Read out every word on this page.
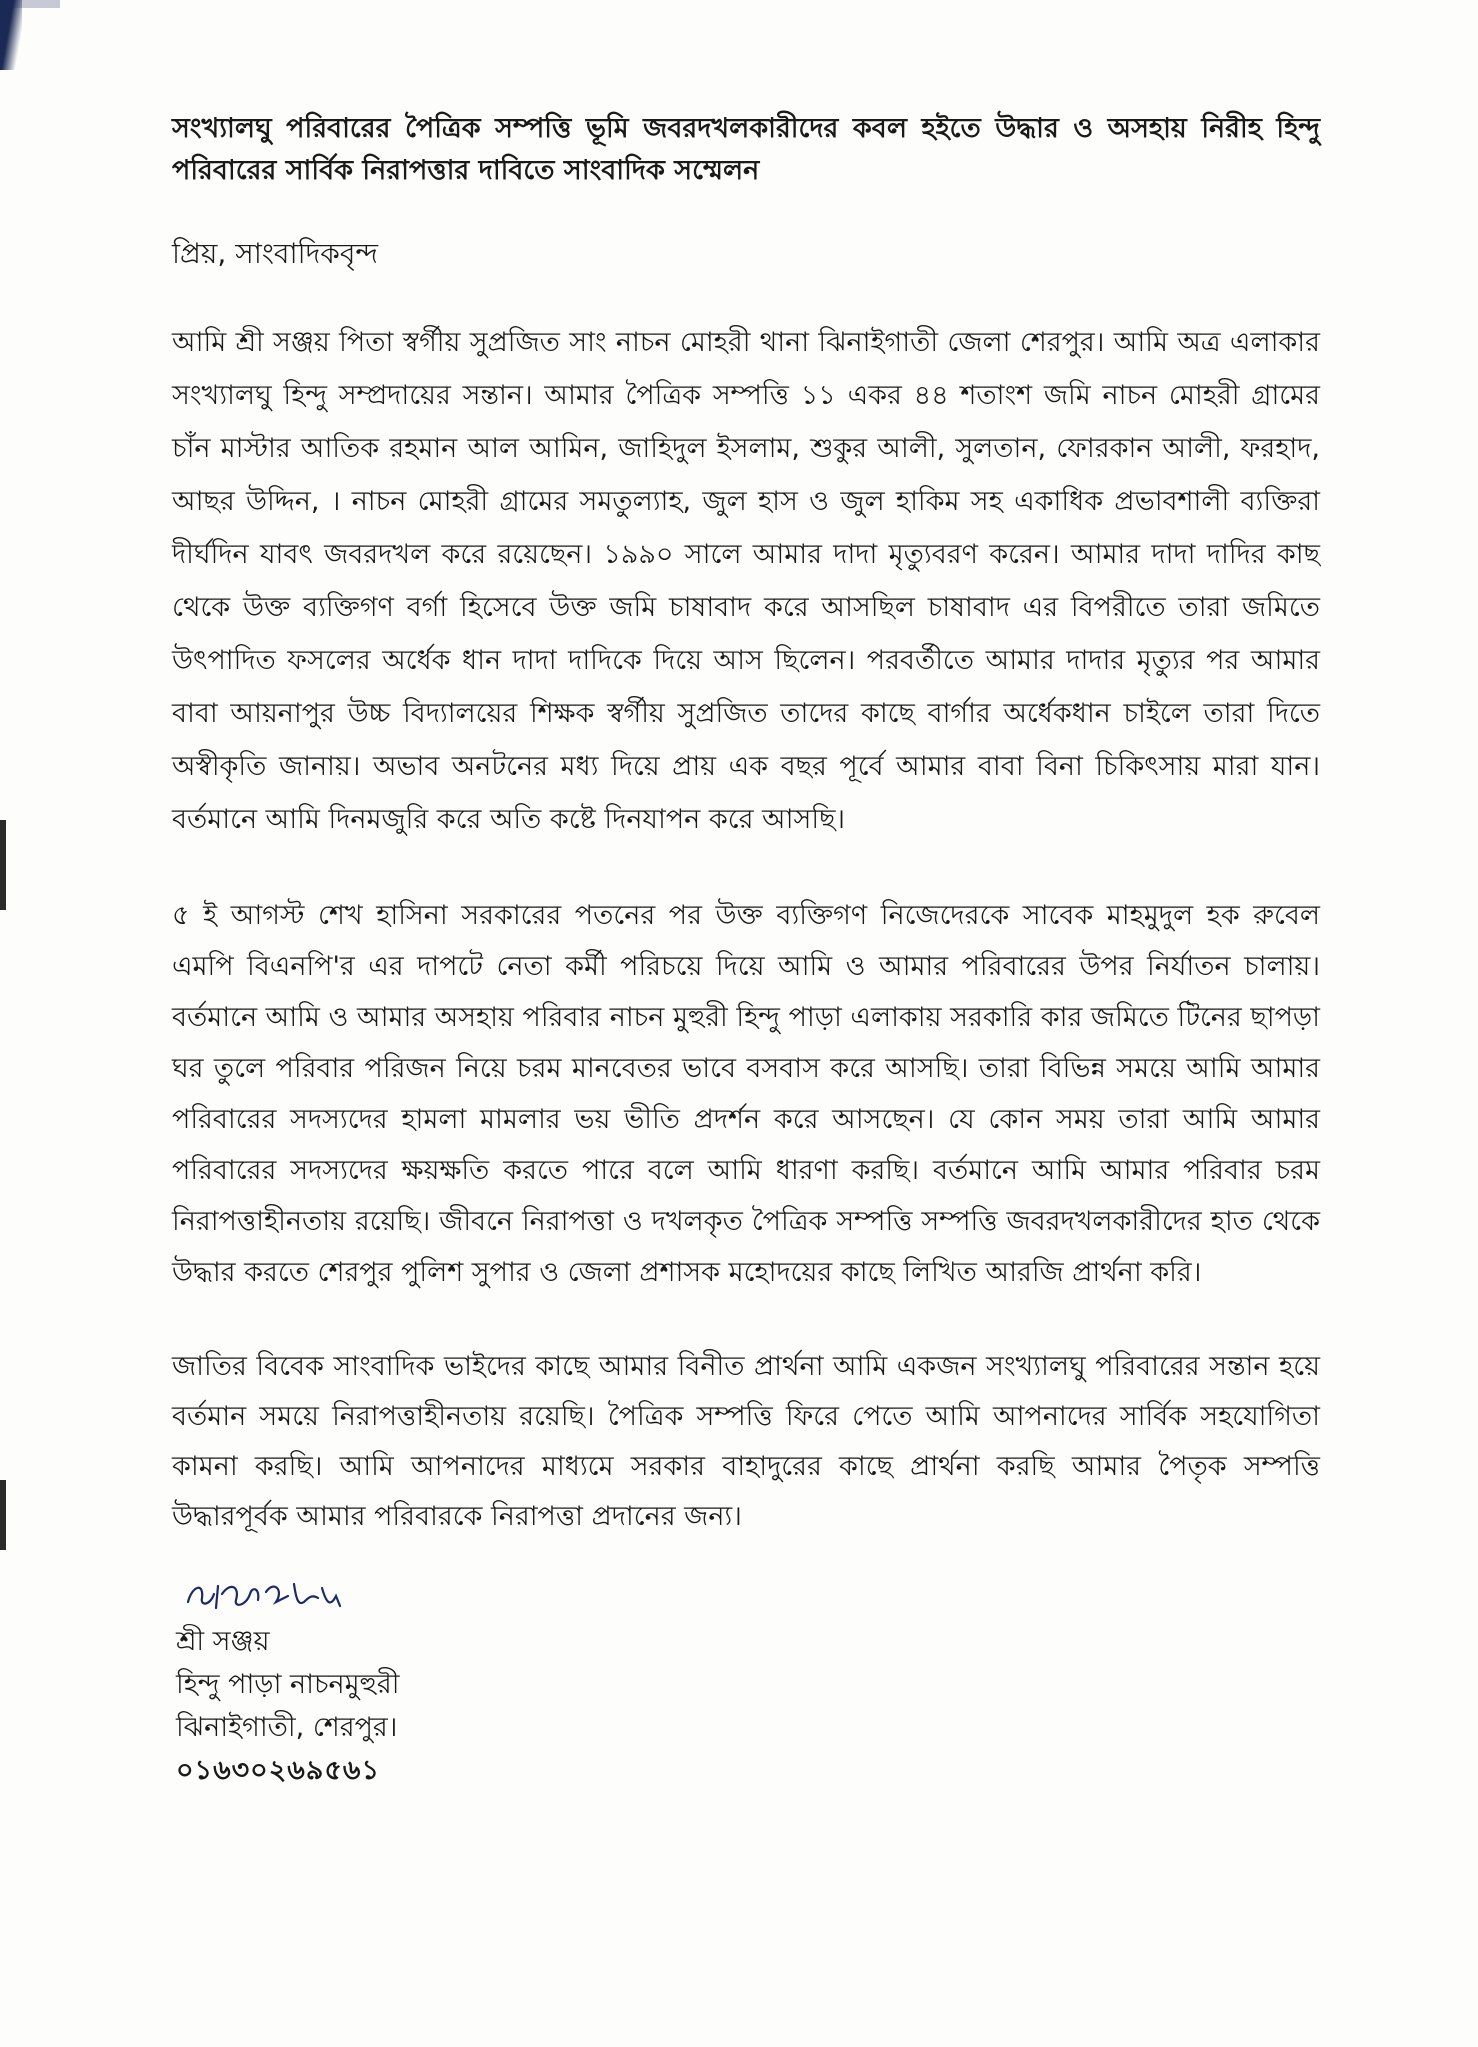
সংখ্যালঘু পরিবারের পৈত্রিক সম্পত্তি ভূমি জবরদখলকারীদের কবল হইতে উদ্ধার ও অসহায় নিরীহ হিন্দু পরিবারের সার্বিক নিরাপত্তার দাবিতে সাংবাদিক সম্মেলন

প্রিয়, সাংবাদিকবৃন্দ

আমি শ্রী সঞ্জয় পিতা স্বর্গীয় সুপ্রজিত সাং নাচন মোহরী থানা ঝিনাইগাতী জেলা শেরপুর। আমি অত্র এলাকার সংখ্যালঘু হিন্দু সম্প্রদায়ের সন্তান। আমার পৈত্রিক সম্পত্তি ১১ একর ৪৪ শতাংশ জমি নাচন মোহরী গ্রামের চাঁন মাস্টার আতিক রহমান আল আমিন, জাহিদুল ইসলাম, শুকুর আলী, সুলতান, ফোরকান আলী, ফরহাদ, আছর উদ্দিন, । নাচন মোহরী গ্রামের সমতুল্যাহ, জুল হাস ও জুল হাকিম সহ একাধিক প্রভাবশালী ব্যক্তিরা দীর্ঘদিন যাবৎ জবরদখল করে রয়েছেন। ১৯৯০ সালে আমার দাদা মৃত্যুবরণ করেন। আমার দাদা দাদির কাছ থেকে উক্ত ব্যক্তিগণ বর্গা হিসেবে উক্ত জমি চাষাবাদ করে আসছিল চাষাবাদ এর বিপরীতে তারা জমিতে উৎপাদিত ফসলের অর্ধেক ধান দাদা দাদিকে দিয়ে আস ছিলেন। পরবর্তীতে আমার দাদার মৃত্যুর পর আমার বাবা আয়নাপুর উচ্চ বিদ্যালয়ের শিক্ষক স্বর্গীয় সুপ্রজিত তাদের কাছে বার্গার অর্ধেকধান চাইলে তারা দিতে অস্বীকৃতি জানায়। অভাব অনটনের মধ্য দিয়ে প্রায় এক বছর পূর্বে আমার বাবা বিনা চিকিৎসায় মারা যান। বর্তমানে আমি দিনমজুরি করে অতি কষ্টে দিনযাপন করে আসছি।

৫ ই আগস্ট শেখ হাসিনা সরকারের পতনের পর উক্ত ব্যক্তিগণ নিজেদেরকে সাবেক মাহমুদুল হক রুবেল এমপি বিএনপি'র এর দাপটে নেতা কর্মী পরিচয়ে দিয়ে আমি ও আমার পরিবারের উপর নির্যাতন চালায়। বর্তমানে আমি ও আমার অসহায় পরিবার নাচন মুহুরী হিন্দু পাড়া এলাকায় সরকারি কার জমিতে টিনের ছাপড়া ঘর তুলে পরিবার পরিজন নিয়ে চরম মানবেতর ভাবে বসবাস করে আসছি। তারা বিভিন্ন সময়ে আমি আমার পরিবারের সদস্যদের হামলা মামলার ভয় ভীতি প্রদর্শন করে আসছেন। যে কোন সময় তারা আমি আমার পরিবারের সদস্যদের ক্ষয়ক্ষতি করতে পারে বলে আমি ধারণা করছি। বর্তমানে আমি আমার পরিবার চরম নিরাপত্তাহীনতায় রয়েছি। জীবনে নিরাপত্তা ও দখলকৃত পৈত্রিক সম্পত্তি সম্পত্তি জবরদখলকারীদের হাত থেকে উদ্ধার করতে শেরপুর পুলিশ সুপার ও জেলা প্রশাসক মহোদয়ের কাছে লিখিত আরজি প্রার্থনা করি।

জাতির বিবেক সাংবাদিক ভাইদের কাছে আমার বিনীত প্রার্থনা আমি একজন সংখ্যালঘু পরিবারের সন্তান হয়ে বর্তমান সময়ে নিরাপত্তাহীনতায় রয়েছি। পৈত্রিক সম্পত্তি ফিরে পেতে আমি আপনাদের সার্বিক সহযোগিতা কামনা করছি। আমি আপনাদের মাধ্যমে সরকার বাহাদুরের কাছে প্রার্থনা করছি আমার পৈতৃক সম্পত্তি উদ্ধারপূর্বক আমার পরিবারকে নিরাপত্তা প্রদানের জন্য।

শ্রী সঞ্জয়
হিন্দু পাড়া নাচনমুহুরী
ঝিনাইগাতী, শেরপুর।
০১৬৩০২৬৯৫৬১
